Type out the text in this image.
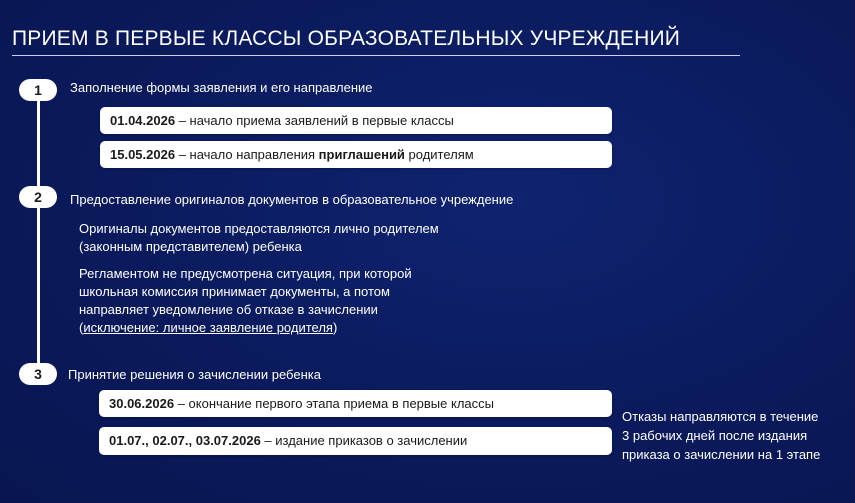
ПРИЕМ В ПЕРВЫЕ КЛАССЫ ОБРАЗОВАТЕЛЬНЫХ УЧРЕЖДЕНИЙ
1	Заполнение формы заявления и его направление
01.04.2026 – начало приема заявлений в первые классы
15.05.2026 – начало направления приглашений родителям
2	Предоставление оригиналов документов в образовательное учреждение
Оригиналы документов предоставляются лично родителем
(законным представителем) ребенка
Регламентом не предусмотрена ситуация, при которой
школьная комиссия принимает документы, а потом
направляет уведомление об отказе в зачислении
(исключение: личное заявление родителя)
3	Принятие решения о зачислении ребенка
30.06.2026 – окончание первого этапа приема в первые классы
01.07., 02.07., 03.07.2026 – издание приказов о зачислении
Отказы направляются в течение
3 рабочих дней после издания
приказа о зачислении на 1 этапе
